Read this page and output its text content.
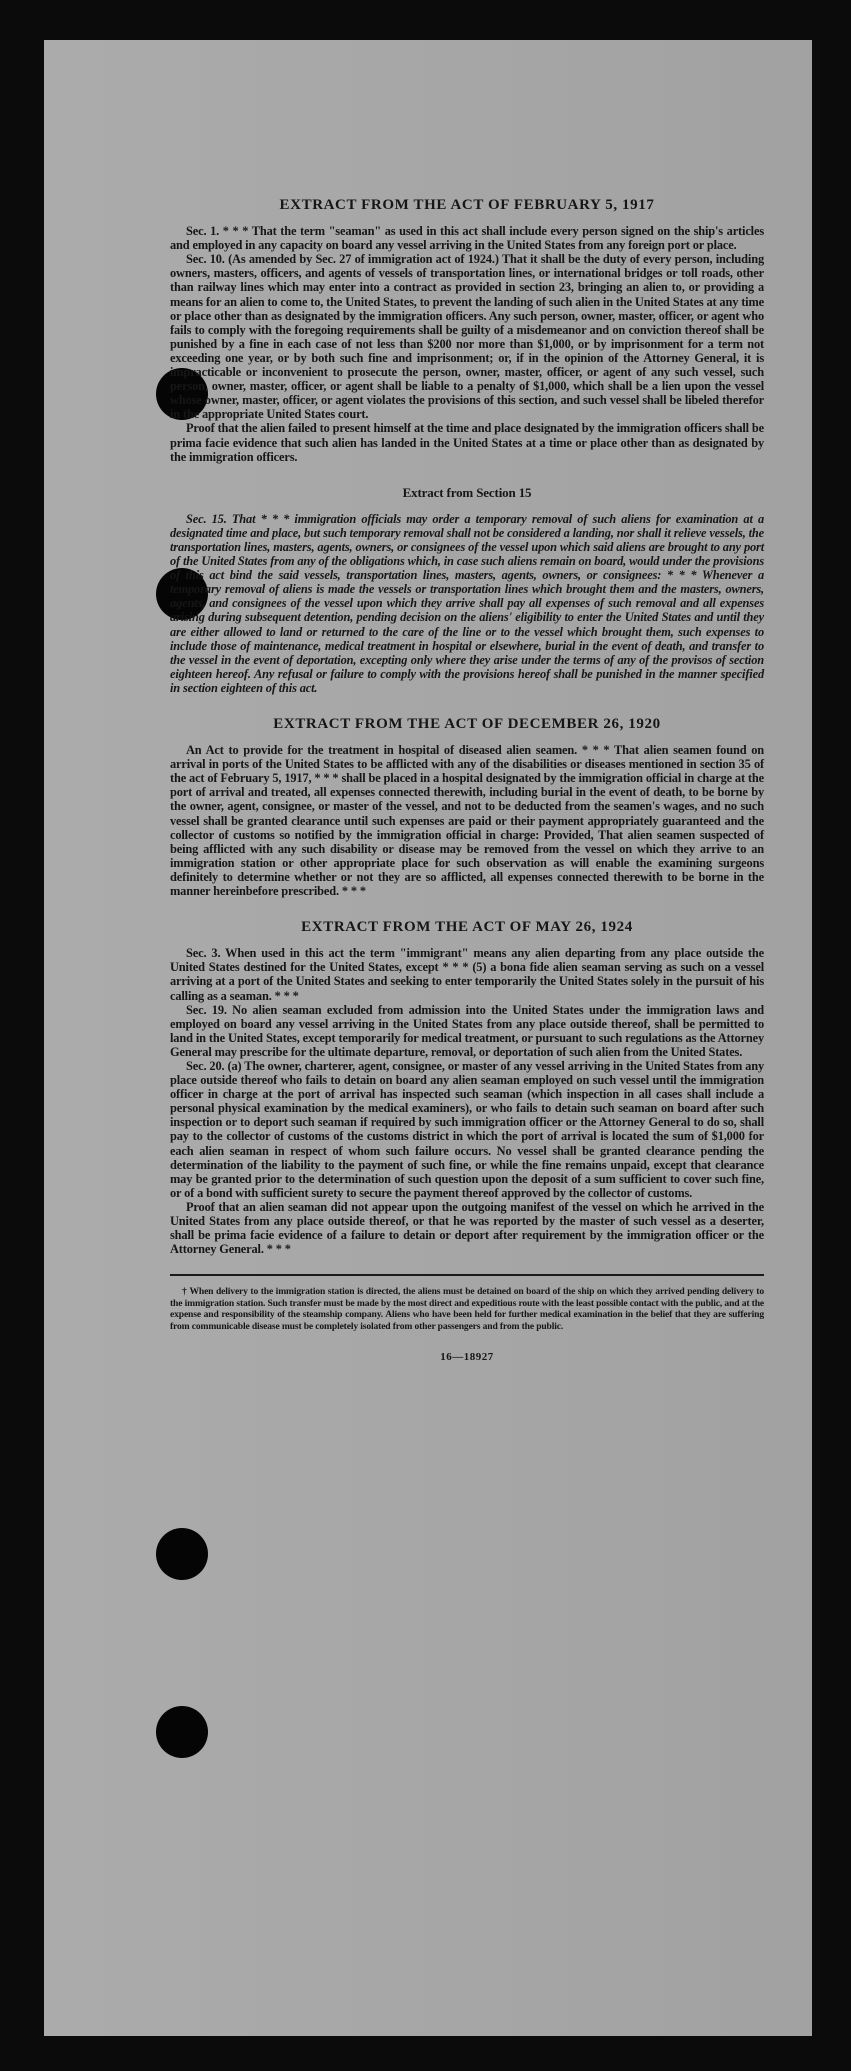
EXTRACT FROM THE ACT OF FEBRUARY 5, 1917

Sec. 1. * * * That the term "seaman" as used in this act shall include every person signed on the ship's articles and employed in any capacity on board any vessel arriving in the United States from any foreign port or place.

Sec. 10. (As amended by Sec. 27 of immigration act of 1924.) That it shall be the duty of every person, including owners, masters, officers, and agents of vessels of transportation lines, or international bridges or toll roads, other than railway lines which may enter into a contract as provided in section 23, bringing an alien to, or providing a means for an alien to come to, the United States, to prevent the landing of such alien in the United States at any time or place other than as designated by the immigration officers. Any such person, owner, master, officer, or agent who fails to comply with the foregoing requirements shall be guilty of a misdemeanor and on conviction thereof shall be punished by a fine in each case of not less than $200 nor more than $1,000, or by imprisonment for a term not exceeding one year, or by both such fine and imprisonment; or, if in the opinion of the Attorney General, it is impracticable or inconvenient to prosecute the person, owner, master, officer, or agent of any such vessel, such person, owner, master, officer, or agent shall be liable to a penalty of $1,000, which shall be a lien upon the vessel whose owner, master, officer, or agent violates the provisions of this section, and such vessel shall be libeled therefor in the appropriate United States court.

Proof that the alien failed to present himself at the time and place designated by the immigration officers shall be prima facie evidence that such alien has landed in the United States at a time or place other than as designated by the immigration officers.

Extract from Section 15

Sec. 15. That * * * immigration officials may order a temporary removal of such aliens for examination at a designated time and place, but such temporary removal shall not be considered a landing, nor shall it relieve vessels, the transportation lines, masters, agents, owners, or consignees of the vessel upon which said aliens are brought to any port of the United States from any of the obligations which, in case such aliens remain on board, would under the provisions of this act bind the said vessels, transportation lines, masters, agents, owners, or consignees: * * * Whenever a temporary removal of aliens is made the vessels or transportation lines which brought them and the masters, owners, agents, and consignees of the vessel upon which they arrive shall pay all expenses of such removal and all expenses arising during subsequent detention, pending decision on the aliens' eligibility to enter the United States and until they are either allowed to land or returned to the care of the line or to the vessel which brought them, such expenses to include those of maintenance, medical treatment in hospital or elsewhere, burial in the event of death, and transfer to the vessel in the event of deportation, excepting only where they arise under the terms of any of the provisos of section eighteen hereof. Any refusal or failure to comply with the provisions hereof shall be punished in the manner specified in section eighteen of this act.

EXTRACT FROM THE ACT OF DECEMBER 26, 1920

An Act to provide for the treatment in hospital of diseased alien seamen. * * * That alien seamen found on arrival in ports of the United States to be afflicted with any of the disabilities or diseases mentioned in section 35 of the act of February 5, 1917, * * * shall be placed in a hospital designated by the immigration official in charge at the port of arrival and treated, all expenses connected therewith, including burial in the event of death, to be borne by the owner, agent, consignee, or master of the vessel, and not to be deducted from the seamen's wages, and no such vessel shall be granted clearance until such expenses are paid or their payment appropriately guaranteed and the collector of customs so notified by the immigration official in charge: Provided, That alien seamen suspected of being afflicted with any such disability or disease may be removed from the vessel on which they arrive to an immigration station or other appropriate place for such observation as will enable the examining surgeons definitely to determine whether or not they are so afflicted, all expenses connected therewith to be borne in the manner hereinbefore prescribed. * * *

EXTRACT FROM THE ACT OF MAY 26, 1924

Sec. 3. When used in this act the term "immigrant" means any alien departing from any place outside the United States destined for the United States, except * * * (5) a bona fide alien seaman serving as such on a vessel arriving at a port of the United States and seeking to enter temporarily the United States solely in the pursuit of his calling as a seaman. * * *

Sec. 19. No alien seaman excluded from admission into the United States under the immigration laws and employed on board any vessel arriving in the United States from any place outside thereof, shall be permitted to land in the United States, except temporarily for medical treatment, or pursuant to such regulations as the Attorney General may prescribe for the ultimate departure, removal, or deportation of such alien from the United States.

Sec. 20. (a) The owner, charterer, agent, consignee, or master of any vessel arriving in the United States from any place outside thereof who fails to detain on board any alien seaman employed on such vessel until the immigration officer in charge at the port of arrival has inspected such seaman (which inspection in all cases shall include a personal physical examination by the medical examiners), or who fails to detain such seaman on board after such inspection or to deport such seaman if required by such immigration officer or the Attorney General to do so, shall pay to the collector of customs of the customs district in which the port of arrival is located the sum of $1,000 for each alien seaman in respect of whom such failure occurs. No vessel shall be granted clearance pending the determination of the liability to the payment of such fine, or while the fine remains unpaid, except that clearance may be granted prior to the determination of such question upon the deposit of a sum sufficient to cover such fine, or of a bond with sufficient surety to secure the payment thereof approved by the collector of customs.

Proof that an alien seaman did not appear upon the outgoing manifest of the vessel on which he arrived in the United States from any place outside thereof, or that he was reported by the master of such vessel as a deserter, shall be prima facie evidence of a failure to detain or deport after requirement by the immigration officer or the Attorney General. * * *

† When delivery to the immigration station is directed, the aliens must be detained on board of the ship on which they arrived pending delivery to the immigration station. Such transfer must be made by the most direct and expeditious route with the least possible contact with the public, and at the expense and responsibility of the steamship company. Aliens who have been held for further medical examination in the belief that they are suffering from communicable disease must be completely isolated from other passengers and from the public.

16—18927
